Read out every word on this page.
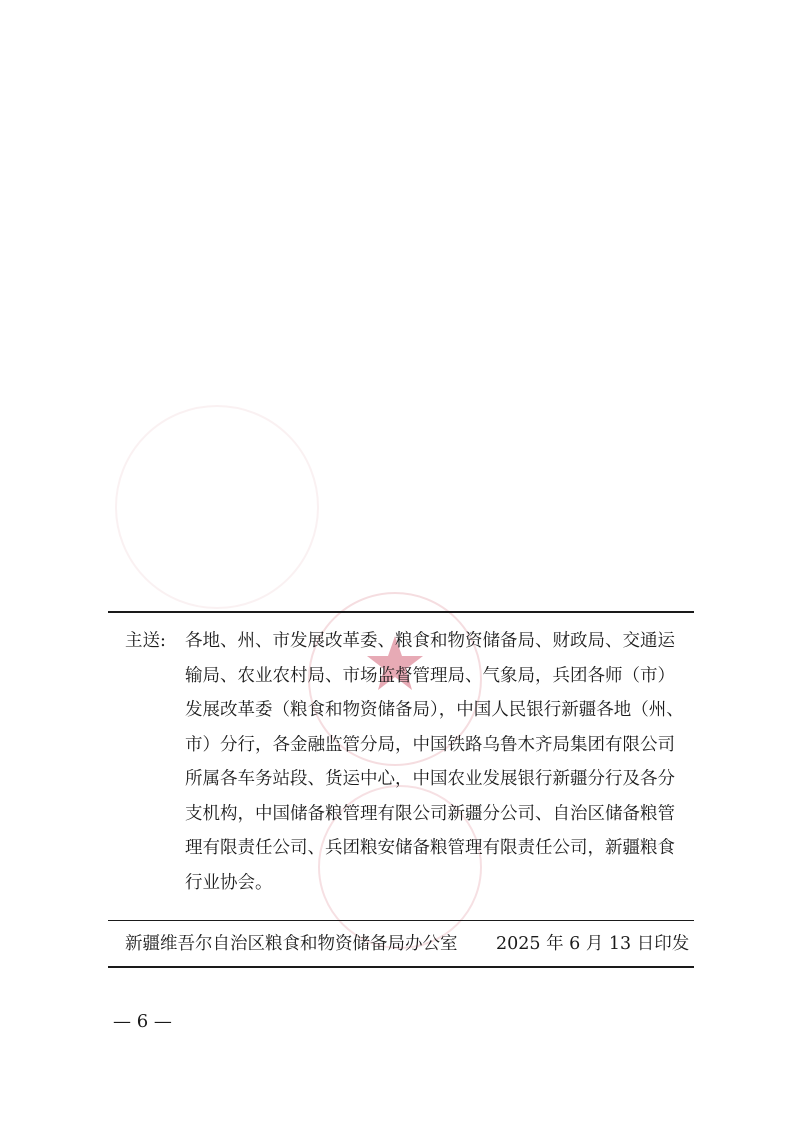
主送:	各地、州、市发展改革委、粮食和物资储备局、财政局、交通运
输局、农业农村局、市场监督管理局、气象局，兵团各师（市）
发展改革委（粮食和物资储备局），中国人民银行新疆各地（州、
市）分行，各金融监管分局，中国铁路乌鲁木齐局集团有限公司
所属各车务站段、货运中心，中国农业发展银行新疆分行及各分
支机构，中国储备粮管理有限公司新疆分公司、自治区储备粮管
理有限责任公司、兵团粮安储备粮管理有限责任公司，新疆粮食
行业协会。
新疆维吾尔自治区粮食和物资储备局办公室 2025 年 6 月 13 日印发
— 6 —
